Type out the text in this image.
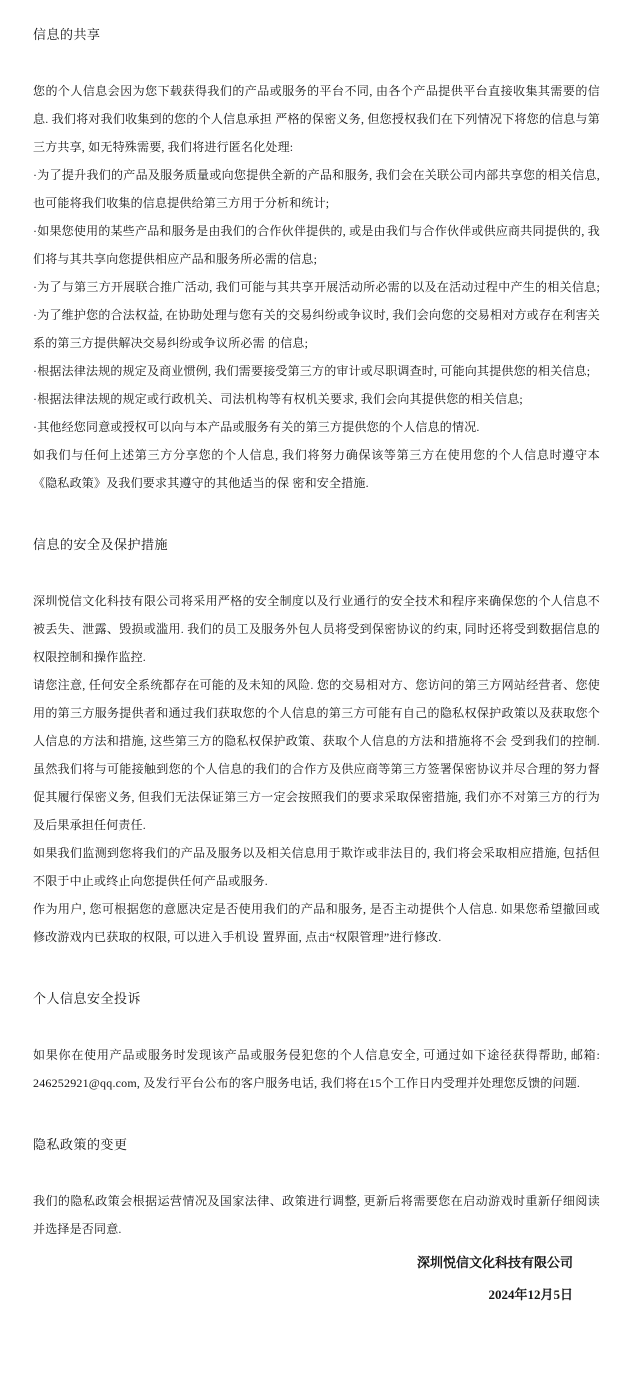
信息的共享

您的个人信息会因为您下载获得我们的产品或服务的平台不同, 由各个产品提供平台直接收集其需要的信息. 我们将对我们收集到的您的个人信息承担 严格的保密义务, 但您授权我们在下列情况下将您的信息与第三方共享, 如无特殊需要, 我们将进行匿名化处理:

·为了提升我们的产品及服务质量或向您提供全新的产品和服务, 我们会在关联公司内部共享您的相关信息, 也可能将我们收集的信息提供给第三方用于分析和统计;

·如果您使用的某些产品和服务是由我们的合作伙伴提供的, 或是由我们与合作伙伴或供应商共同提供的, 我们将与其共享向您提供相应产品和服务所必需的信息;

·为了与第三方开展联合推广活动, 我们可能与其共享开展活动所必需的以及在活动过程中产生的相关信息; ·为了维护您的合法权益, 在协助处理与您有关的交易纠纷或争议时, 我们会向您的交易相对方或存在利害关系的第三方提供解决交易纠纷或争议所必需 的信息;

·根据法律法规的规定及商业惯例, 我们需要接受第三方的审计或尽职调查时, 可能向其提供您的相关信息;

·根据法律法规的规定或行政机关、司法机构等有权机关要求, 我们会向其提供您的相关信息;

·其他经您同意或授权可以向与本产品或服务有关的第三方提供您的个人信息的情况.

如我们与任何上述第三方分享您的个人信息, 我们将努力确保该等第三方在使用您的个人信息时遵守本《隐私政策》及我们要求其遵守的其他适当的保 密和安全措施.

信息的安全及保护措施

深圳悦信文化科技有限公司将采用严格的安全制度以及行业通行的安全技术和程序来确保您的个人信息不被丢失、泄露、毁损或滥用. 我们的员工及服务外包人员将受到保密协议的约束, 同时还将受到数据信息的权限控制和操作监控.

请您注意, 任何安全系统都存在可能的及未知的风险. 您的交易相对方、您访问的第三方网站经营者、您使用的第三方服务提供者和通过我们获取您的个人信息的第三方可能有自己的隐私权保护政策以及获取您个人信息的方法和措施, 这些第三方的隐私权保护政策、获取个人信息的方法和措施将不会 受到我们的控制. 虽然我们将与可能接触到您的个人信息的我们的合作方及供应商等第三方签署保密协议并尽合理的努力督促其履行保密义务, 但我们无法保证第三方一定会按照我们的要求采取保密措施, 我们亦不对第三方的行为及后果承担任何责任.

如果我们监测到您将我们的产品及服务以及相关信息用于欺诈或非法目的, 我们将会采取相应措施, 包括但不限于中止或终止向您提供任何产品或服务.

作为用户, 您可根据您的意愿决定是否使用我们的产品和服务, 是否主动提供个人信息. 如果您希望撤回或修改游戏内已获取的权限, 可以进入手机设 置界面, 点击“权限管理”进行修改.

个人信息安全投诉

如果你在使用产品或服务时发现该产品或服务侵犯您的个人信息安全, 可通过如下途径获得帮助, 邮箱: 246252921@qq.com, 及发行平台公布的客户服务电话, 我们将在15个工作日内受理并处理您反馈的问题.

隐私政策的变更

我们的隐私政策会根据运营情况及国家法律、政策进行调整, 更新后将需要您在启动游戏时重新仔细阅读并选择是否同意.

深圳悦信文化科技有限公司
2024年12月5日
